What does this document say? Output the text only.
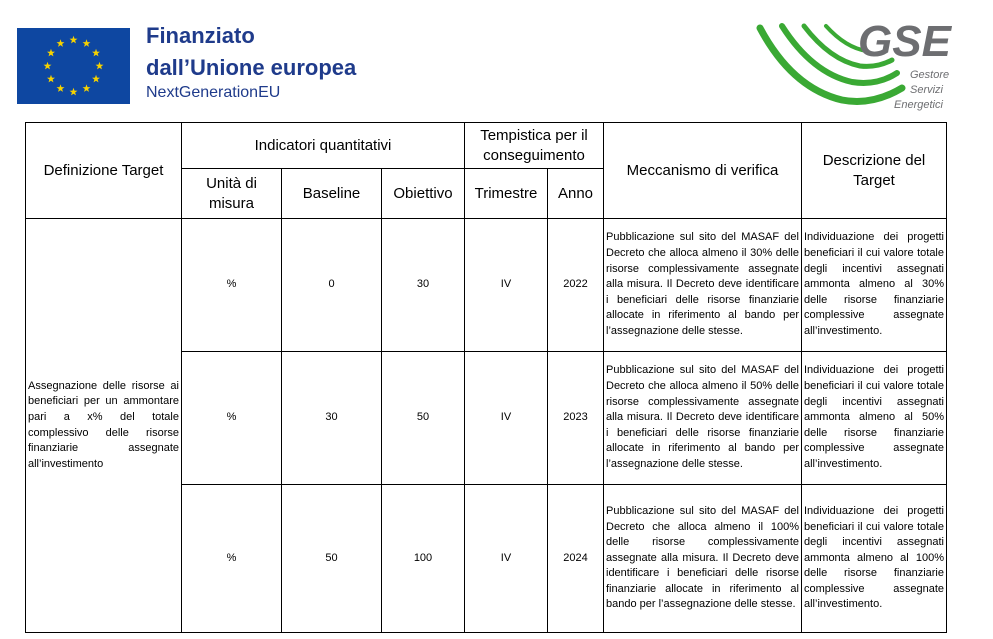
Finanziato
dall’Unione europea
NextGenerationEU
GSE
Gestore
Servizi
Energetici
Definizione Target	Indicatori quantitativi			Tempistica per il conseguimento		Meccanismo di verifica	Descrizione del Target
	Unità di misura	Baseline	Obiettivo	Trimestre	Anno		
Assegnazione delle risorse ai beneficiari per un ammontare pari a x% del totale complessivo delle risorse finanziarie assegnate all’investimento	%	0	30	IV	2022	Pubblicazione sul sito del MASAF del Decreto che alloca almeno il 30% delle risorse complessivamente assegnate alla misura. Il Decreto deve identificare i beneficiari delle risorse finanziarie allocate in riferimento al bando per l’assegnazione delle stesse.	Individuazione dei progetti beneficiari il cui valore totale degli incentivi assegnati ammonta almeno al 30% delle risorse finanziarie complessive assegnate all’investimento.
	%	30	50	IV	2023	Pubblicazione sul sito del MASAF del Decreto che alloca almeno il 50% delle risorse complessivamente assegnate alla misura. Il Decreto deve identificare i beneficiari delle risorse finanziarie allocate in riferimento al bando per l’assegnazione delle stesse.	Individuazione dei progetti beneficiari il cui valore totale degli incentivi assegnati ammonta almeno al 50% delle risorse finanziarie complessive assegnate all’investimento.
	%	50	100	IV	2024	Pubblicazione sul sito del MASAF del Decreto che alloca almeno il 100% delle risorse complessivamente assegnate alla misura. Il Decreto deve identificare i beneficiari delle risorse finanziarie allocate in riferimento al bando per l’assegnazione delle stesse.	Individuazione dei progetti beneficiari il cui valore totale degli incentivi assegnati ammonta almeno al 100% delle risorse finanziarie complessive assegnate all’investimento.
